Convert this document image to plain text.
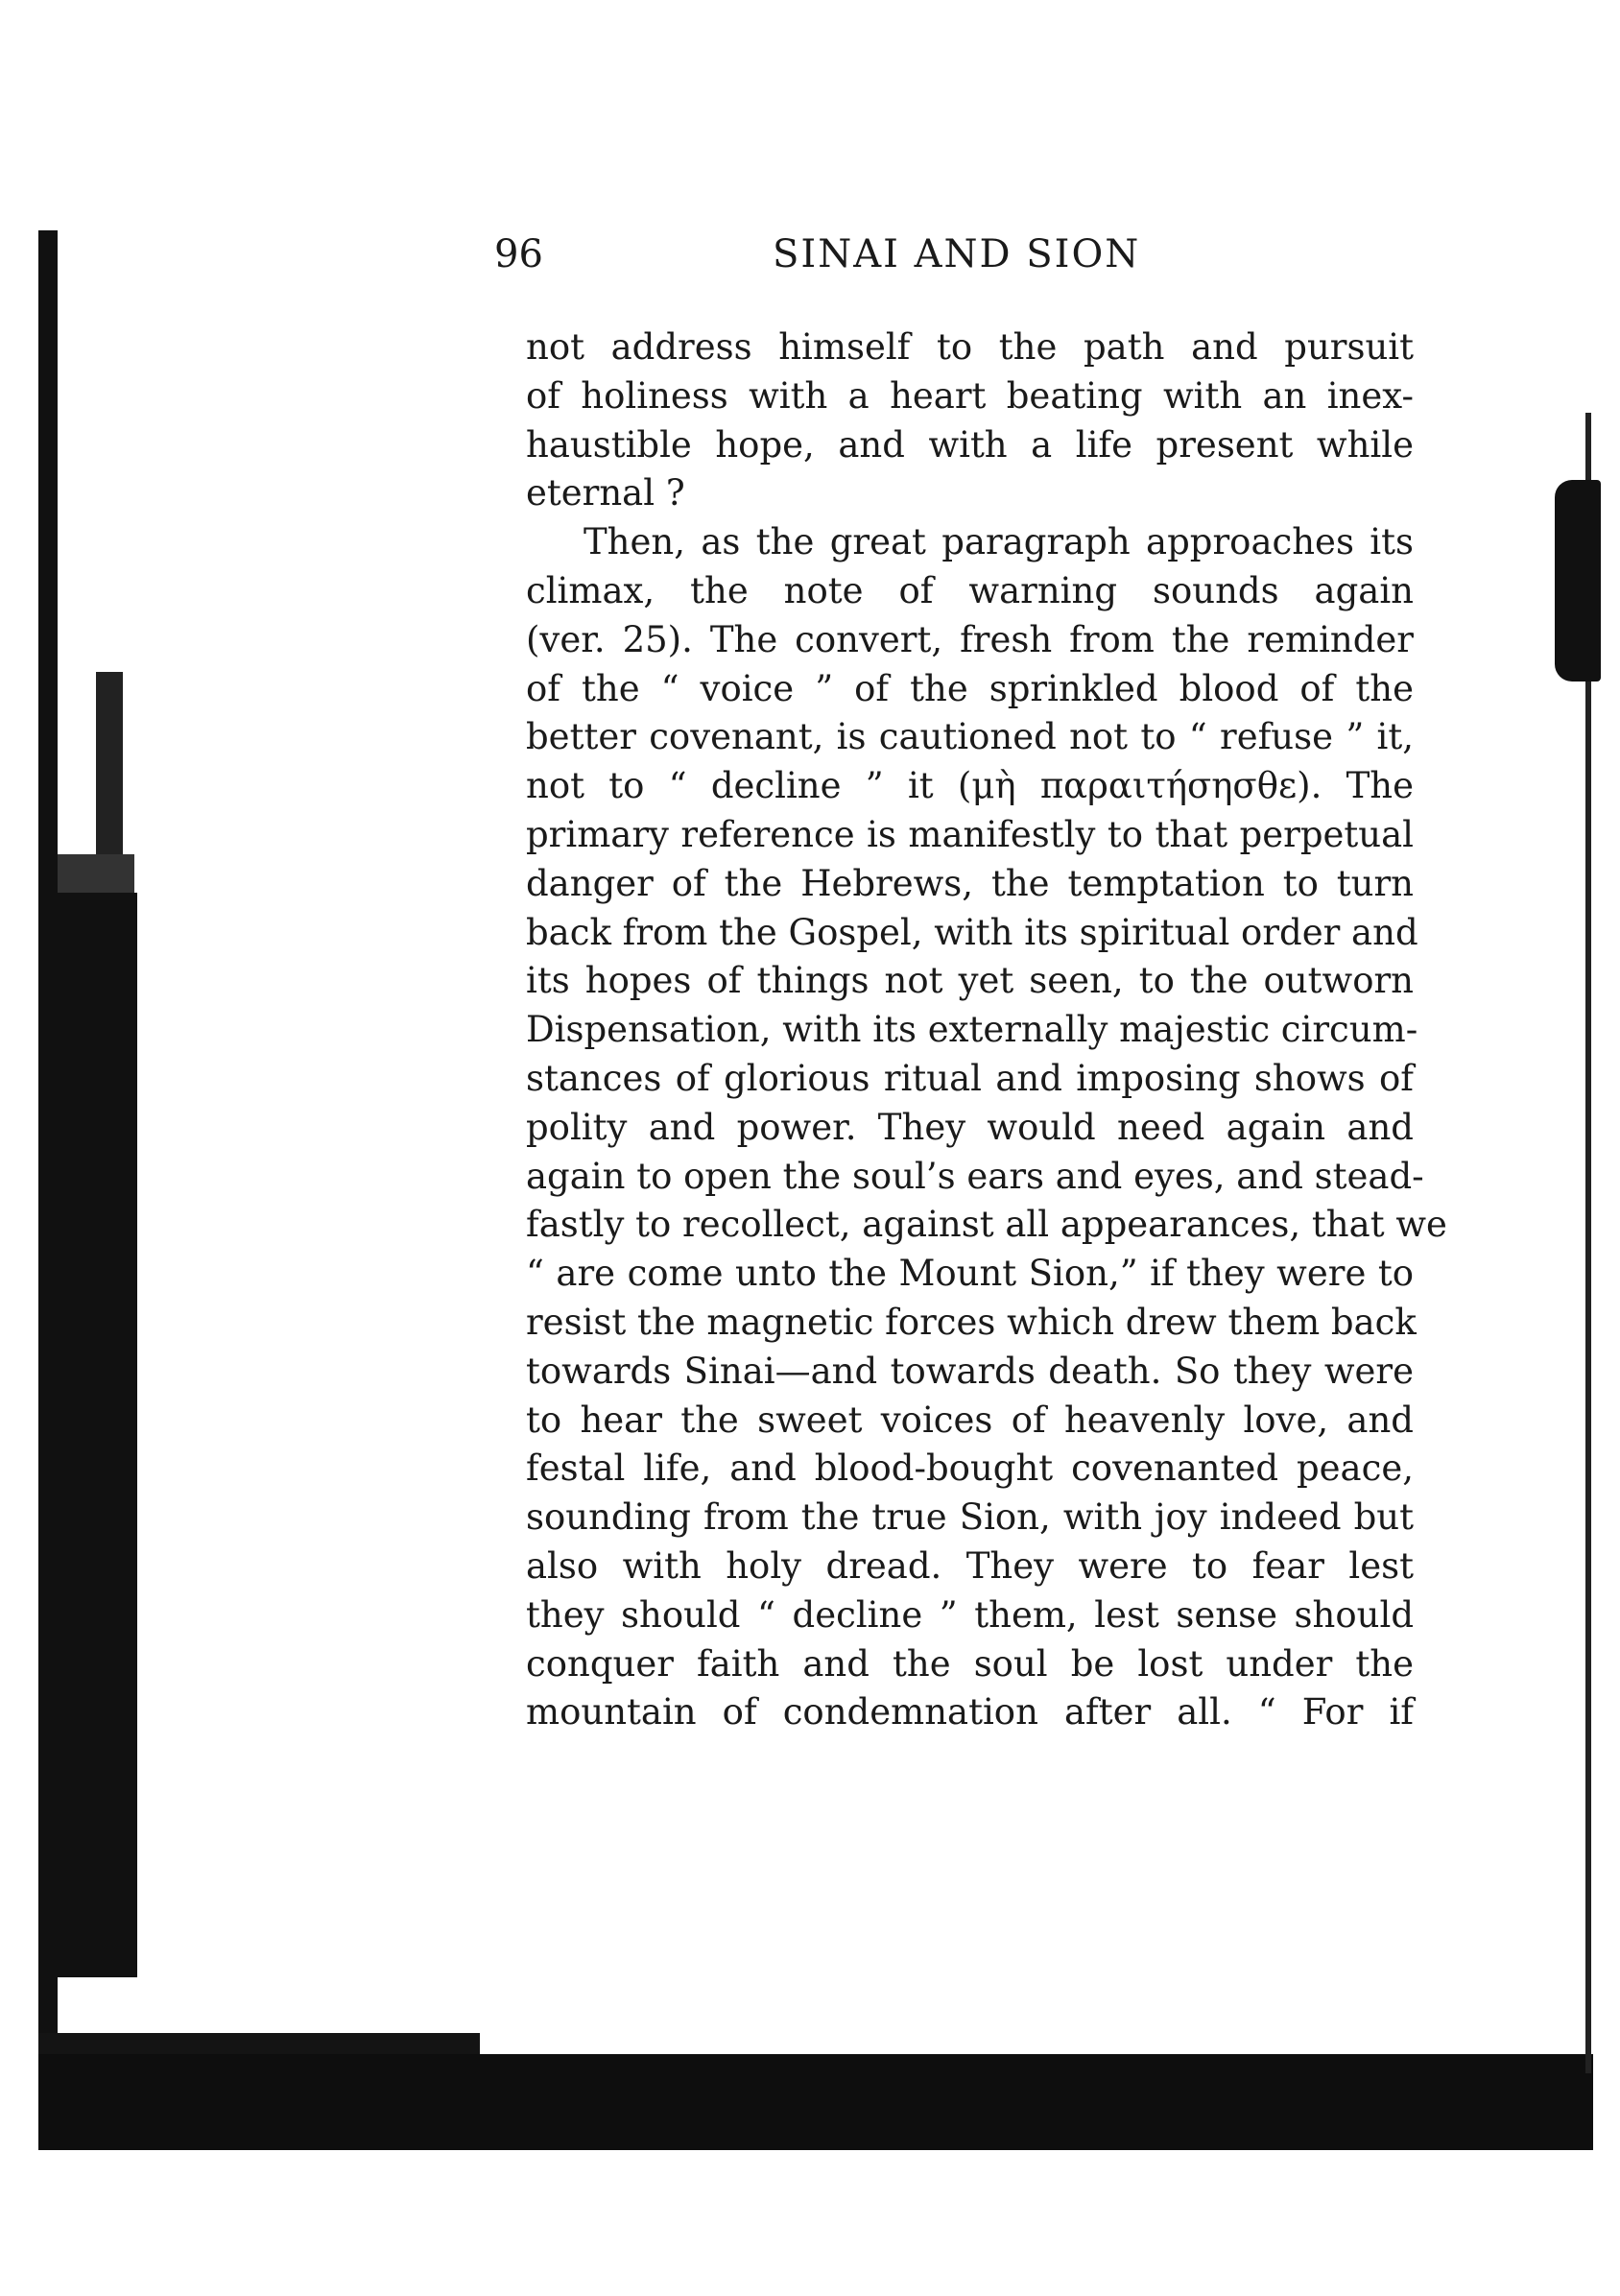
96	SINAI AND SION
not address himself to the path and pursuit
of holiness with a heart beating with an inex-
haustible hope, and with a life present while
eternal ?
Then, as the great paragraph approaches its
climax, the note of warning sounds again
(ver. 25). The convert, fresh from the reminder
of the “ voice ” of the sprinkled blood of the
better covenant, is cautioned not to “ refuse ” it,
not to “ decline ” it (μὴ παραιτήσησθε). The
primary reference is manifestly to that perpetual
danger of the Hebrews, the temptation to turn
back from the Gospel, with its spiritual order and
its hopes of things not yet seen, to the outworn
Dispensation, with its externally majestic circum-
stances of glorious ritual and imposing shows of
polity and power. They would need again and
again to open the soul’s ears and eyes, and stead-
fastly to recollect, against all appearances, that we
“ are come unto the Mount Sion,” if they were to
resist the magnetic forces which drew them back
towards Sinai—and towards death. So they were
to hear the sweet voices of heavenly love, and
festal life, and blood-bought covenanted peace,
sounding from the true Sion, with joy indeed but
also with holy dread. They were to fear lest
they should “ decline ” them, lest sense should
conquer faith and the soul be lost under the
mountain of condemnation after all. “ For if
